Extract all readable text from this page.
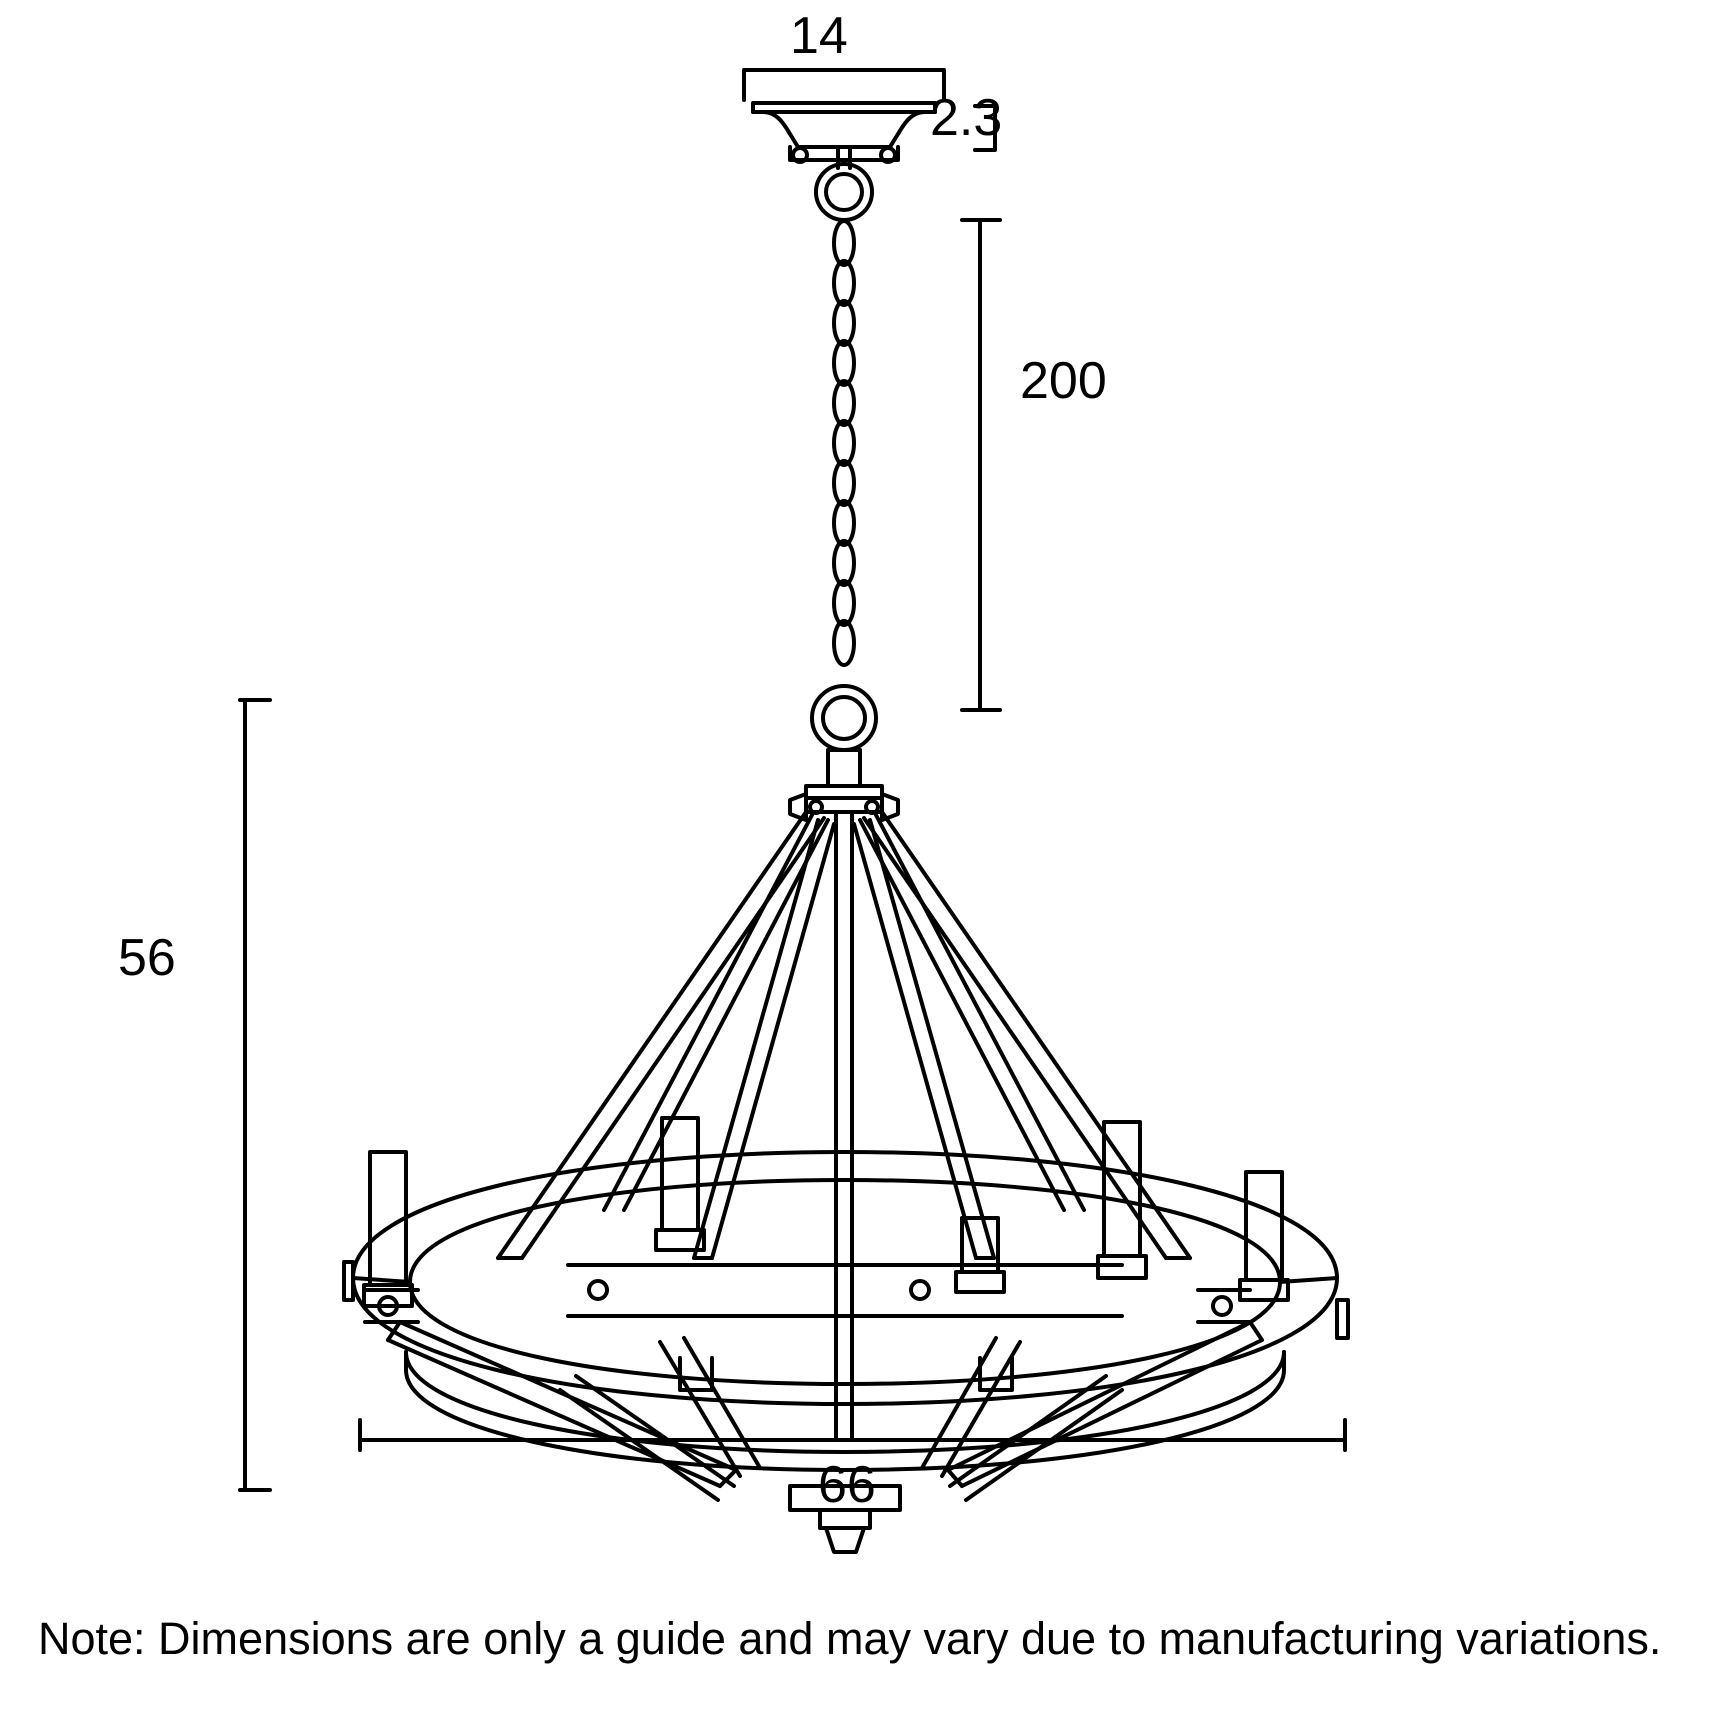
14
2.3
200
56
66
Note: Dimensions are only a guide and may vary due to manufacturing variations.
